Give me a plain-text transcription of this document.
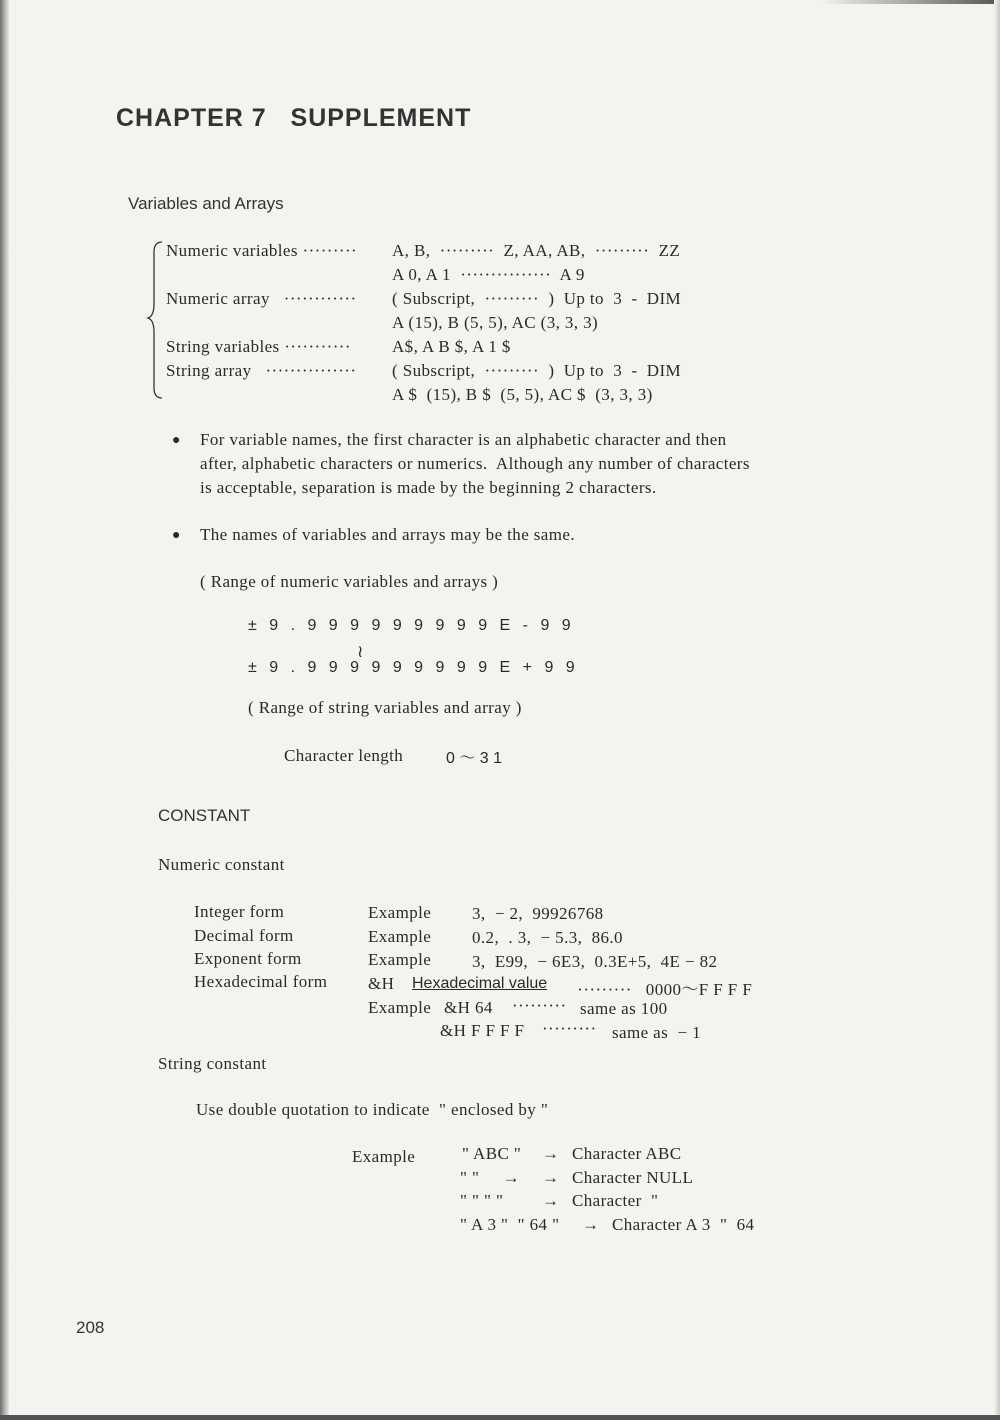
CHAPTER 7   SUPPLEMENT
Variables and Arrays
Numeric variables ········· A, B,  ·········  Z, AA, AB,  ·········  ZZ
A 0, A 1  ···············  A 9
Numeric array   ············ ( Subscript,  ·········  )  Up to  3  -  DIM
A (15), B (5, 5), AC (3, 3, 3)
String variables ··········· A$, A B $, A 1 $
String array   ··············· ( Subscript,  ·········  )  Up to  3  -  DIM
A $  (15), B $  (5, 5), AC $  (3, 3, 3)
● For variable names, the first character is an alphabetic character and then
after, alphabetic characters or numerics.  Although any number of characters
is acceptable, separation is made by the beginning 2 characters.
● The names of variables and arrays may be the same.
( Range of numeric variables and arrays )
± 9 . 9 9 9 9 9 9 9 9 9 E - 9 9
≀
± 9 . 9 9 9 9 9 9 9 9 9 E + 9 9
( Range of string variables and array )
Character length	0 ～ 3 1
CONSTANT
Numeric constant
Integer form	Example 3,  − 2,  99926768
Decimal form	Example 0.2,  . 3,  − 5.3,  86.0
Exponent form	Example 3,  E99,  − 6E3,  0.3E+5,  4E − 82
Hexadecimal form &H Hexadecimal value ·········   0000～F F F F
Example &H 64 ········· same as 100
&H F F F F ········· same as  − 1
String constant
Use double quotation to indicate  " enclosed by "
Example	" ABC " → Character ABC
" "     → → Character NULL
" " " " → Character  "
" A 3 "  " 64 " → Character A 3  "  64
208
